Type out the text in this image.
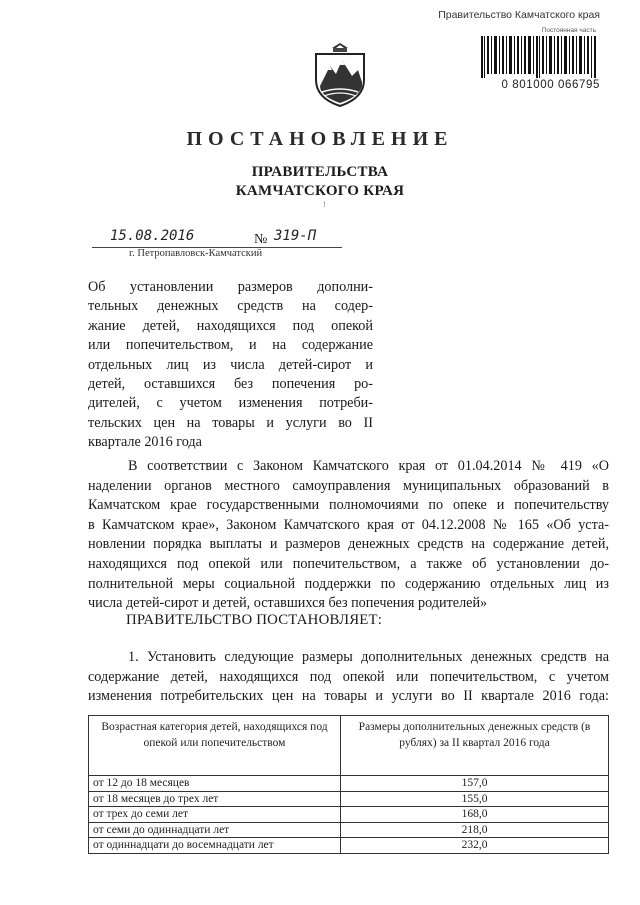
Правительство Камчатского края
Постоянная часть
0 801000 066795
ПОСТАНОВЛЕНИЕ
ПРАВИТЕЛЬСТВА
КАМЧАТСКОГО КРАЯ
!
15.08.2016	№ 319-П
г. Петропавловск-Камчатский
Об установлении размеров дополни-
тельных денежных средств на содер-
жание детей, находящихся под опекой
или попечительством, и на содержание
отдельных лиц из числа детей-сирот и
детей, оставшихся без попечения ро-
дителей, с учетом изменения потреби-
тельских цен на товары и услуги во II
квартале 2016 года
В соответствии с Законом Камчатского края от 01.04.2014 № 419 «О
наделении органов местного самоуправления муниципальных образований в
Камчатском крае государственными полномочиями по опеке и попечительству
в Камчатском крае», Законом Камчатского края от 04.12.2008 № 165 «Об уста-
новлении порядка выплаты и размеров денежных средств на содержание детей,
находящихся под опекой или попечительством, а также об установлении до-
полнительной меры социальной поддержки по содержанию отдельных лиц из
числа детей-сирот и детей, оставшихся без попечения родителей»
ПРАВИТЕЛЬСТВО ПОСТАНОВЛЯЕТ:
1. Установить следующие размеры дополнительных денежных средств на
содержание детей, находящихся под опекой или попечительством, с учетом
изменения потребительских цен на товары и услуги во II квартале 2016 года:
Возрастная категория детей, находящихся под опекой или попечительством	Размеры дополнительных денежных средств (в рублях) за II квартал 2016 года
от 12 до 18 месяцев	157,0
от 18 месяцев до трех лет	155,0
от трех до семи лет	168,0
от семи до одиннадцати лет	218,0
от одиннадцати до восемнадцати лет	232,0
